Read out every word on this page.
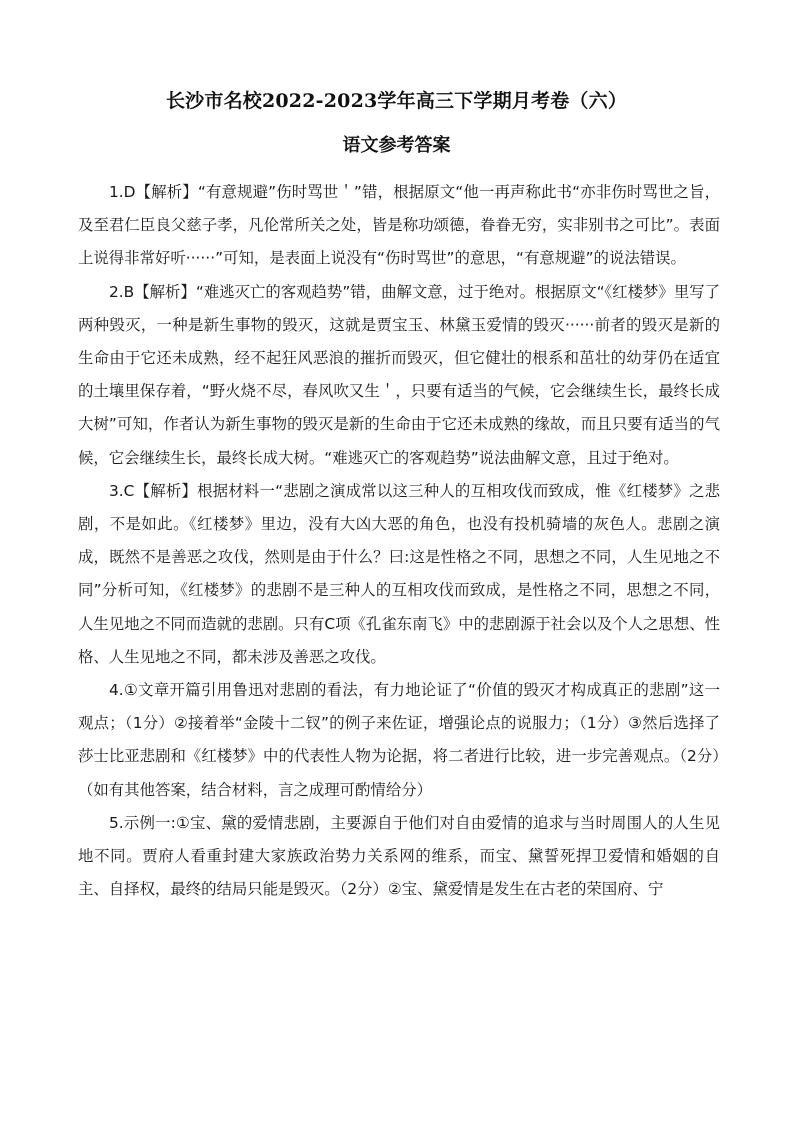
长沙市名校2022-2023学年高三下学期月考卷（六）
语文参考答案

1.D【解析】“有意规避”伤时骂世＇”错，根据原文“他一再声称此书“亦非伤时骂世之旨，及至君仁臣良父慈子孝，凡伦常所关之处，皆是称功颂德，眷眷无穷，实非别书之可比”。表面上说得非常好听······”可知，是表面上说没有“伤时骂世”的意思，“有意规避”的说法错误。

2.B【解析】“难逃灭亡的客观趋势”错，曲解文意，过于绝对。根据原文“《红楼梦》里写了两种毁灭，一种是新生事物的毁灭，这就是贾宝玉、林黛玉爱情的毁灭······前者的毁灭是新的生命由于它还未成熟，经不起狂风恶浪的摧折而毁灭，但它健壮的根系和茁壮的幼芽仍在适宜的土壤里保存着，“野火烧不尽，春风吹又生＇，只要有适当的气候，它会继续生长，最终长成大树”可知，作者认为新生事物的毁灭是新的生命由于它还未成熟的缘故，而且只要有适当的气候，它会继续生长，最终长成大树。“难逃灭亡的客观趋势”说法曲解文意，且过于绝对。

3.C【解析】根据材料一“悲剧之演成常以这三种人的互相攻伐而致成，惟《红楼梦》之悲剧，不是如此。《红楼梦》里边，没有大凶大恶的角色，也没有投机骑墙的灰色人。悲剧之演成，既然不是善恶之攻伐，然则是由于什么？曰:这是性格之不同，思想之不同，人生见地之不同”分析可知，《红楼梦》的悲剧不是三种人的互相攻伐而致成，是性格之不同，思想之不同，人生见地之不同而造就的悲剧。只有C项《孔雀东南飞》中的悲剧源于社会以及个人之思想、性格、人生见地之不同，都未涉及善恶之攻伐。

4.①文章开篇引用鲁迅对悲剧的看法，有力地论证了“价值的毁灭才构成真正的悲剧”这一观点；（1分）②接着举“金陵十二钗”的例子来佐证，增强论点的说服力；（1分）③然后选择了莎士比亚悲剧和《红楼梦》中的代表性人物为论据，将二者进行比较，进一步完善观点。（2分）（如有其他答案，结合材料，言之成理可酌情给分）

5.示例一:①宝、黛的爱情悲剧，主要源自于他们对自由爱情的追求与当时周围人的人生见地不同。贾府人看重封建大家族政治势力关系网的维系，而宝、黛誓死捍卫爱情和婚姻的自主、自择权，最终的结局只能是毁灭。（2分）②宝、黛爱情是发生在古老的荣国府、宁
